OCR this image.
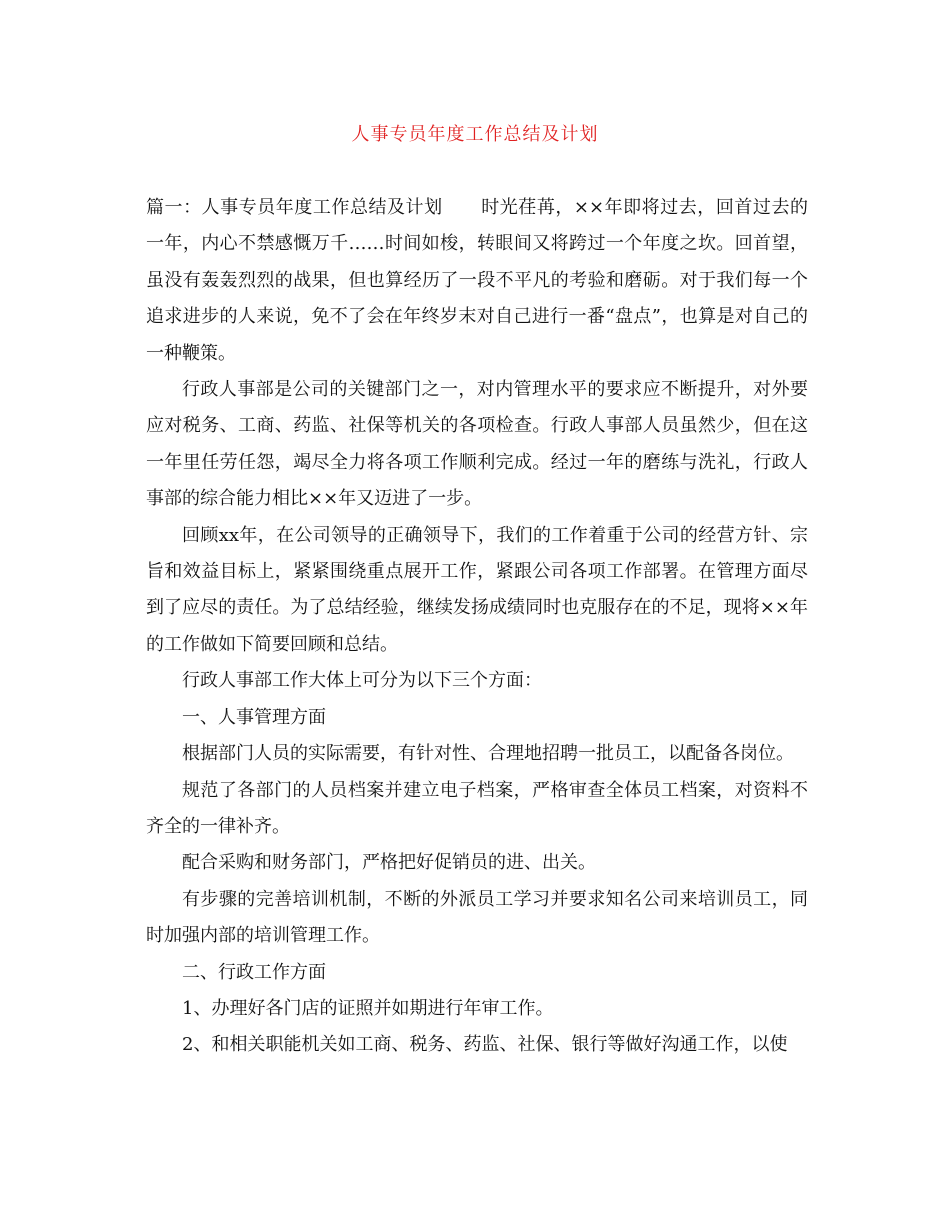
人事专员年度工作总结及计划

篇一：人事专员年度工作总结及计划 时光荏苒，××年即将过去，回首过去的一年，内心不禁感慨万千……时间如梭，转眼间又将跨过一个年度之坎。回首望，虽没有轰轰烈烈的战果，但也算经历了一段不平凡的考验和磨砺。对于我们每一个追求进步的人来说，免不了会在年终岁末对自己进行一番“盘点”，也算是对自己的一种鞭策。

行政人事部是公司的关键部门之一，对内管理水平的要求应不断提升，对外要应对税务、工商、药监、社保等机关的各项检查。行政人事部人员虽然少，但在这一年里任劳任怨，竭尽全力将各项工作顺利完成。经过一年的磨练与洗礼，行政人事部的综合能力相比××年又迈进了一步。

回顾xx年，在公司领导的正确领导下，我们的工作着重于公司的经营方针、宗旨和效益目标上，紧紧围绕重点展开工作，紧跟公司各项工作部署。在管理方面尽到了应尽的责任。为了总结经验，继续发扬成绩同时也克服存在的不足，现将××年的工作做如下简要回顾和总结。

行政人事部工作大体上可分为以下三个方面：

一、人事管理方面

根据部门人员的实际需要，有针对性、合理地招聘一批员工，以配备各岗位。

规范了各部门的人员档案并建立电子档案，严格审查全体员工档案，对资料不齐全的一律补齐。

配合采购和财务部门，严格把好促销员的进、出关。

有步骤的完善培训机制，不断的外派员工学习并要求知名公司来培训员工，同时加强内部的培训管理工作。

二、行政工作方面

1、办理好各门店的证照并如期进行年审工作。

2、和相关职能机关如工商、税务、药监、社保、银行等做好沟通工作，以使
